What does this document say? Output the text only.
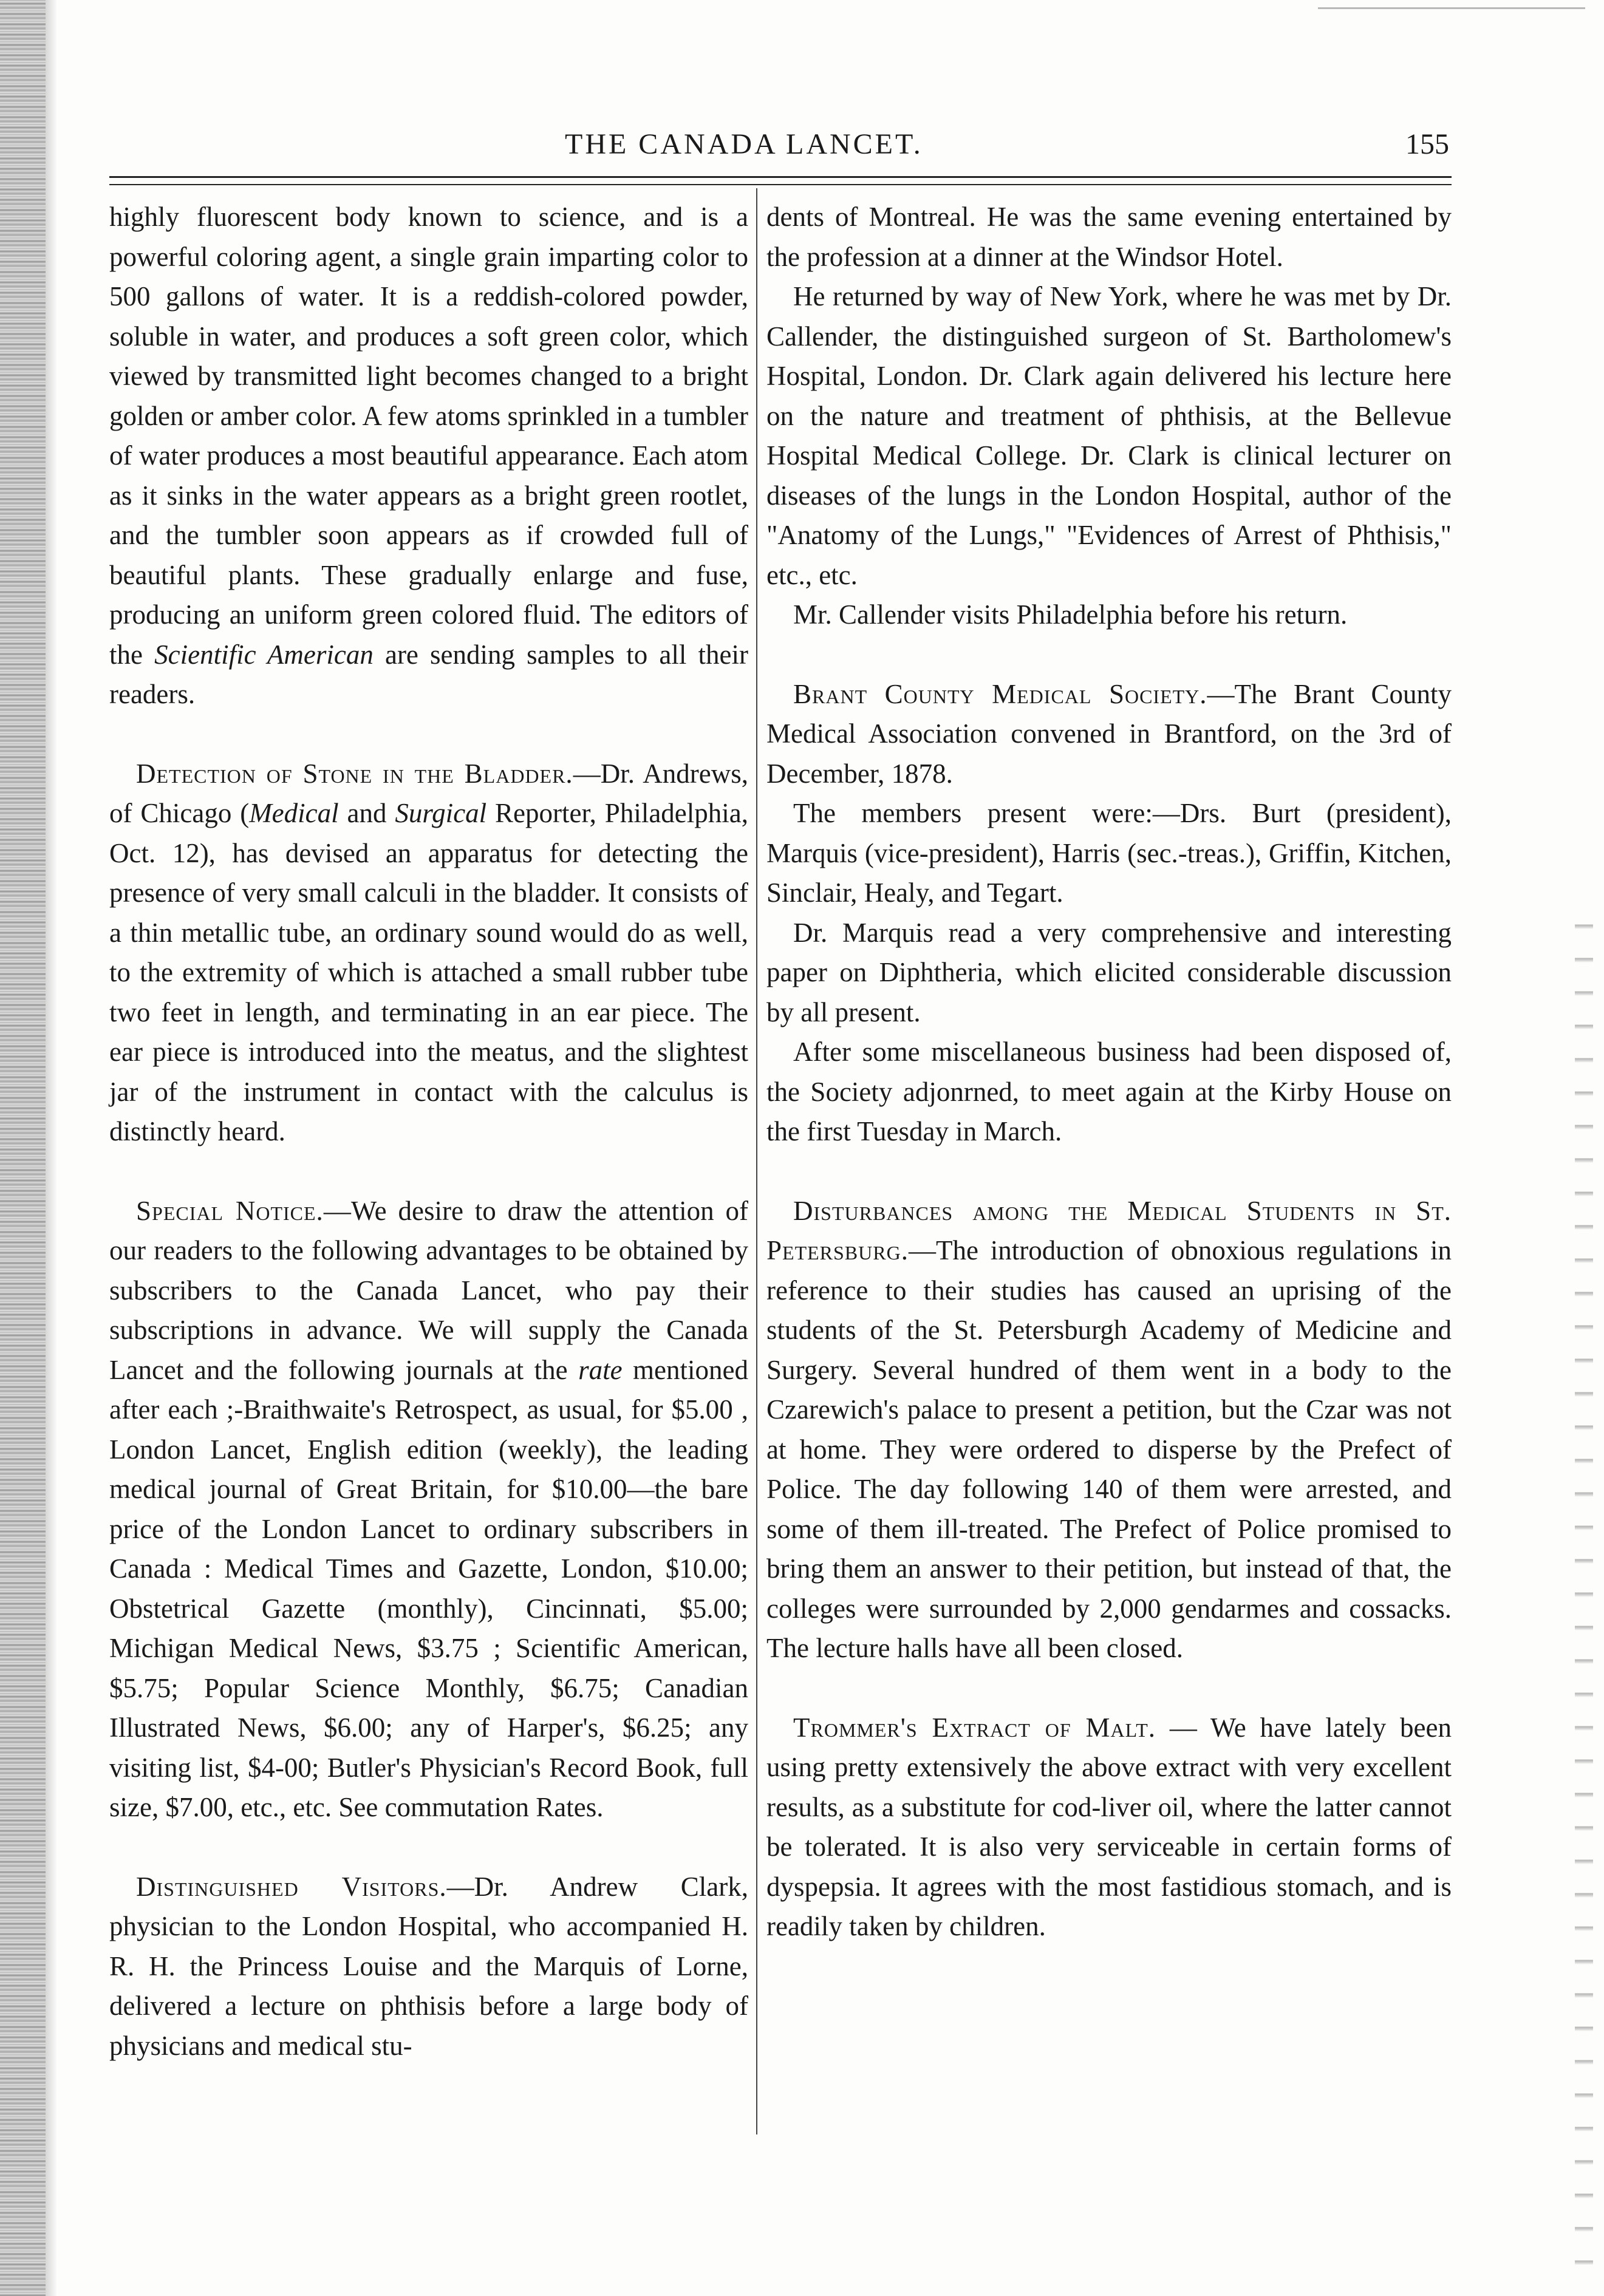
THE CANADA LANCET.	155

highly fluorescent body known to science, and is a powerful coloring agent, a single grain imparting color to 500 gallons of water. It is a reddish-colored powder, soluble in water, and produces a soft green color, which viewed by transmitted light becomes changed to a bright golden or amber color. A few atoms sprinkled in a tumbler of water produces a most beautiful appearance. Each atom as it sinks in the water appears as a bright green rootlet, and the tumbler soon appears as if crowded full of beautiful plants. These gradually enlarge and fuse, producing an uniform green colored fluid. The editors of the Scientific American are sending samples to all their readers.

Detection of Stone in the Bladder.—Dr. Andrews, of Chicago (Medical and Surgical Reporter, Philadelphia, Oct. 12), has devised an apparatus for detecting the presence of very small calculi in the bladder. It consists of a thin metallic tube, an ordinary sound would do as well, to the extremity of which is attached a small rubber tube two feet in length, and terminating in an ear piece. The ear piece is introduced into the meatus, and the slightest jar of the instrument in contact with the calculus is distinctly heard.

Special Notice.—We desire to draw the attention of our readers to the following advantages to be obtained by subscribers to the Canada Lancet, who pay their subscriptions in advance. We will supply the Canada Lancet and the following journals at the rate mentioned after each ;-Braithwaite's Retrospect, as usual, for $5.00 , London Lancet, English edition (weekly), the leading medical journal of Great Britain, for $10.00—the bare price of the London Lancet to ordinary subscribers in Canada : Medical Times and Gazette, London, $10.00; Obstetrical Gazette (monthly), Cincinnati, $5.00; Michigan Medical News, $3.75 ; Scientific American, $5.75; Popular Science Monthly, $6.75; Canadian Illustrated News, $6.00; any of Harper's, $6.25; any visiting list, $4-00; Butler's Physician's Record Book, full size, $7.00, etc., etc. See commutation Rates.

Distinguished Visitors.—Dr. Andrew Clark, physician to the London Hospital, who accompanied H. R. H. the Princess Louise and the Marquis of Lorne, delivered a lecture on phthisis before a large body of physicians and medical stu-

dents of Montreal. He was the same evening entertained by the profession at a dinner at the Windsor Hotel.

He returned by way of New York, where he was met by Dr. Callender, the distinguished surgeon of St. Bartholomew's Hospital, London. Dr. Clark again delivered his lecture here on the nature and treatment of phthisis, at the Bellevue Hospital Medical College. Dr. Clark is clinical lecturer on diseases of the lungs in the London Hospital, author of the "Anatomy of the Lungs," "Evidences of Arrest of Phthisis," etc., etc.

Mr. Callender visits Philadelphia before his return.

Brant County Medical Society.—The Brant County Medical Association convened in Brantford, on the 3rd of December, 1878.

The members present were:—Drs. Burt (president), Marquis (vice-president), Harris (sec.-treas.), Griffin, Kitchen, Sinclair, Healy, and Tegart.

Dr. Marquis read a very comprehensive and interesting paper on Diphtheria, which elicited considerable discussion by all present.

After some miscellaneous business had been disposed of, the Society adjonrned, to meet again at the Kirby House on the first Tuesday in March.

Disturbances among the Medical Students in St. Petersburg.—The introduction of obnoxious regulations in reference to their studies has caused an uprising of the students of the St. Petersburgh Academy of Medicine and Surgery. Several hundred of them went in a body to the Czarewich's palace to present a petition, but the Czar was not at home. They were ordered to disperse by the Prefect of Police. The day following 140 of them were arrested, and some of them ill-treated. The Prefect of Police promised to bring them an answer to their petition, but instead of that, the colleges were surrounded by 2,000 gendarmes and cossacks. The lecture halls have all been closed.

Trommer's Extract of Malt. — We have lately been using pretty extensively the above extract with very excellent results, as a substitute for cod-liver oil, where the latter cannot be tolerated. It is also very serviceable in certain forms of dyspepsia. It agrees with the most fastidious stomach, and is readily taken by children.
